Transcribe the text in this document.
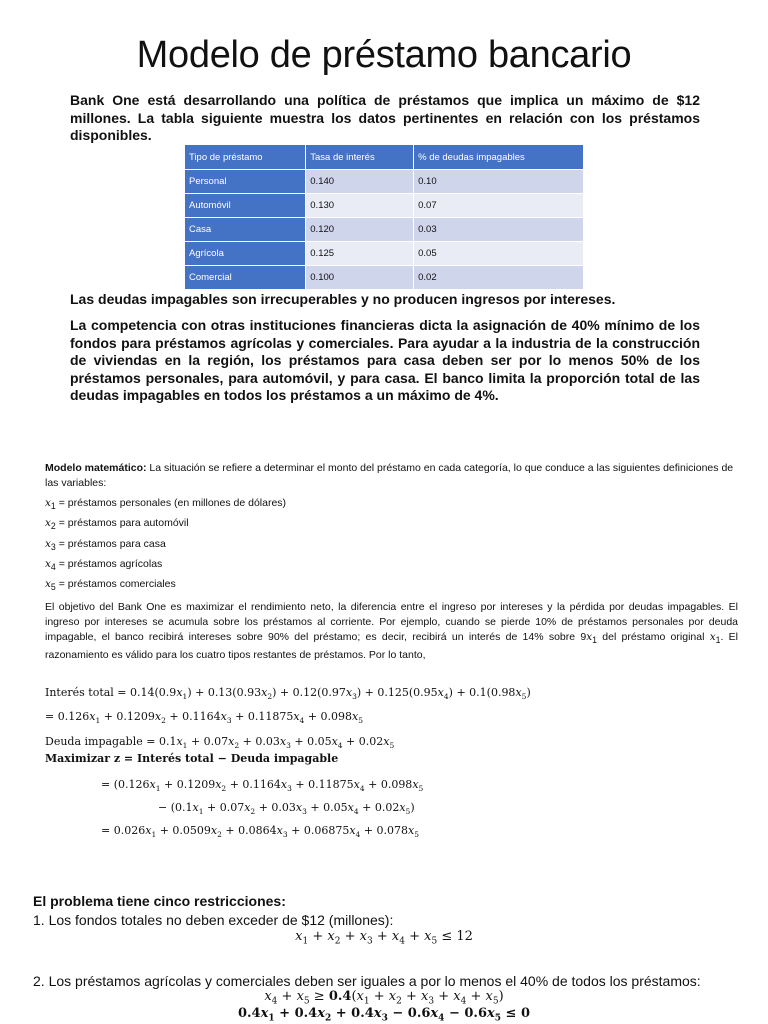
Modelo de préstamo bancario
Bank One está desarrollando una política de préstamos que implica un máximo de $12 millones. La tabla siguiente muestra los datos pertinentes en relación con los préstamos disponibles.
Tipo de préstamo	Tasa de interés	% de deudas impagables
Personal	0.140	0.10
Automóvil	0.130	0.07
Casa	0.120	0.03
Agrícola	0.125	0.05
Comercial	0.100	0.02
Las deudas impagables son irrecuperables y no producen ingresos por intereses.
La competencia con otras instituciones financieras dicta la asignación de 40% mínimo de los fondos para préstamos agrícolas y comerciales. Para ayudar a la industria de la construcción de viviendas en la región, los préstamos para casa deben ser por lo menos 50% de los préstamos personales, para automóvil, y para casa. El banco limita la proporción total de las deudas impagables en todos los préstamos a un máximo de 4%.
Modelo matemático: La situación se refiere a determinar el monto del préstamo en cada categoría, lo que conduce a las siguientes definiciones de las variables:
$x_1$ = préstamos personales (en millones de dólares)
$x_2$ = préstamos para automóvil
$x_3$ = préstamos para casa
$x_4$ = préstamos agrícolas
$x_5$ = préstamos comerciales
El objetivo del Bank One es maximizar el rendimiento neto, la diferencia entre el ingreso por intereses y la pérdida por deudas impagables. El ingreso por intereses se acumula sobre los préstamos al corriente. Por ejemplo, cuando se pierde 10% de préstamos personales por deuda impagable, el banco recibirá intereses sobre 90% del préstamo; es decir, recibirá un interés de 14% sobre $9x_1$ del préstamo original $x_1$. El razonamiento es válido para los cuatro tipos restantes de préstamos. Por lo tanto,
Interés total = $0.14(0.9x_1) + 0.13(0.93x_2) + 0.12(0.97x_3) + 0.125(0.95x_4) + 0.1(0.98x_5)$
= $0.126x_1 + 0.1209x_2 + 0.1164x_3 + 0.11875x_4 + 0.098x_5$
Deuda impagable = $0.1x_1 + 0.07x_2 + 0.03x_3 + 0.05x_4 + 0.02x_5$
Maximizar z = Interés total − Deuda impagable
= ($0.126x_1 + 0.1209x_2 + 0.1164x_3 + 0.11875x_4 + 0.098x_5$
− $(0.1x_1 + 0.07x_2 + 0.03x_3 + 0.05x_4 + 0.02x_5)$
= $0.026x_1 + 0.0509x_2 + 0.0864x_3 + 0.06875x_4 + 0.078x_5$
El problema tiene cinco restricciones:
1. Los fondos totales no deben exceder de $12 (millones):
$x_1 + x_2 + x_3 + x_4 + x_5 \le 12$
2. Los préstamos agrícolas y comerciales deben ser iguales a por lo menos el 40% de todos los préstamos:
$x_4 + x_5 \ge 0.4(x_1 + x_2 + x_3 + x_4 + x_5)$
$0.4x_1 + 0.4x_2 + 0.4x_3 - 0.6x_4 - 0.6x_5 \le 0$
